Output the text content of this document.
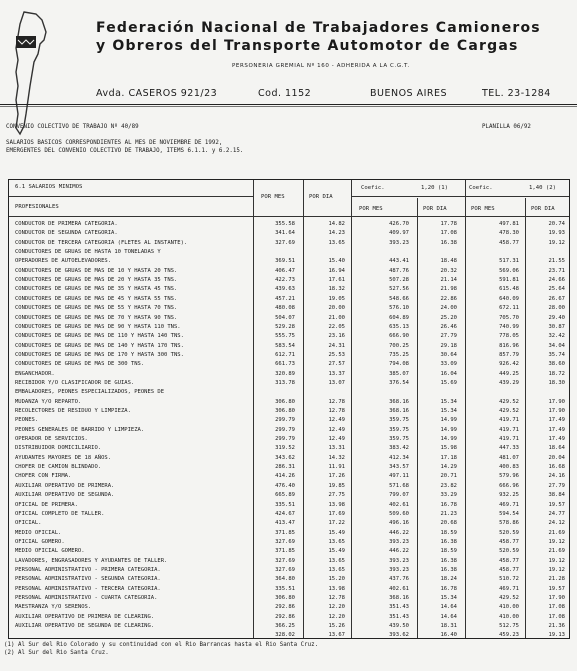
Federación Nacional de Trabajadores Camioneros
y Obreros del Transporte Automotor de Cargas
PERSONERIA GREMIAL Nº 160 - ADHERIDA A LA C.G.T.
Avda. CASEROS 921/23	Cod. 1152	BUENOS AIRES	TEL. 23-1284
CONVENIO COLECTIVO DE TRABAJO Nº 40/89	PLANILLA 06/92
SALARIOS BASICOS CORRESPONDIENTES AL MES DE NOVIEMBRE DE 1992,
EMERGENTES DEL CONVENIO COLECTIVO DE TRABAJO, ITEMS 6.1.1. y 6.2.15.
6.1 SALARIOS MINIMOS
PROFESIONALES
POR MES	POR DIA
Coefic.	1,20 (1)	Coefic.	1,40 (2)
POR MES	POR DIA	POR MES	POR DIA
CONDUCTOR DE PRIMERA CATEGORIA.	355.58	14.82	426.70	17.78	497.81	20.74
CONDUCTOR DE SEGUNDA CATEGORIA.	341.64	14.23	409.97	17.08	478.30	19.93
CONDUCTOR DE TERCERA CATEGORIA (FLETES AL INSTANTE).	327.69	13.65	393.23	16.38	458.77	19.12
CONDUCTORES DE GRUAS DE HASTA 10 TONELADAS Y
OPERADORES DE AUTOELEVADORES.	369.51	15.40	443.41	18.48	517.31	21.55
CONDUCTORES DE GRUAS DE MAS DE 10 Y HASTA 20 TNS.	406.47	16.94	487.76	20.32	569.06	23.71
CONDUCTORES DE GRUAS DE MAS DE 20 Y HASTA 35 TNS.	422.73	17.61	507.28	21.14	591.81	24.66
CONDUCTORES DE GRUAS DE MAS DE 35 Y HASTA 45 TNS.	439.63	18.32	527.56	21.98	615.48	25.64
CONDUCTORES DE GRUAS DE MAS DE 45 Y HASTA 55 TNS.	457.21	19.05	548.66	22.86	640.09	26.67
CONDUCTORES DE GRUAS DE MAS DE 55 Y HASTA 70 TNS.	480.08	20.00	576.10	24.00	672.11	28.00
CONDUCTORES DE GRUAS DE MAS DE 70 Y HASTA 90 TNS.	504.07	21.00	604.89	25.20	705.70	29.40
CONDUCTORES DE GRUAS DE MAS DE 90 Y HASTA 110 TNS.	529.28	22.05	635.13	26.46	740.99	30.87
CONDUCTORES DE GRUAS DE MAS DE 110 Y HASTA 140 TNS.	555.75	23.16	666.90	27.79	778.05	32.42
CONDUCTORES DE GRUAS DE MAS DE 140 Y HASTA 170 TNS.	583.54	24.31	700.25	29.18	816.96	34.04
CONDUCTORES DE GRUAS DE MAS DE 170 Y HASTA 300 TNS.	612.71	25.53	735.25	30.64	857.79	35.74
CONDUCTORES DE GRUAS DE MAS DE 300 TNS.	661.73	27.57	794.08	33.09	926.42	38.60
ENGANCHADOR.	320.89	13.37	385.07	16.04	449.25	18.72
RECIBIDOR Y/O CLASIFICADOR DE GUIAS.	313.78	13.07	376.54	15.69	439.29	18.30
EMBALADORES, PEONES ESPECIALIZADOS, PEONES DE
MUDANZA Y/O REPARTO.	306.80	12.78	368.16	15.34	429.52	17.90
RECOLECTORES DE RESIDUO Y LIMPIEZA.	306.80	12.78	368.16	15.34	429.52	17.90
PEONES.	299.79	12.49	359.75	14.99	419.71	17.49
PEONES GENERALES DE BARRIDO Y LIMPIEZA.	299.79	12.49	359.75	14.99	419.71	17.49
OPERADOR DE SERVICIOS.	299.79	12.49	359.75	14.99	419.71	17.49
DISTRIBUIDOR DOMICILIARIO.	319.52	13.31	383.42	15.98	447.33	18.64
AYUDANTES MAYORES DE 18 AÑOS.	343.62	14.32	412.34	17.18	481.07	20.04
CHOFER DE CAMION BLINDADO.	286.31	11.91	343.57	14.29	400.83	16.68
CHOFER CON FIRMA.	414.26	17.26	497.11	20.71	579.96	24.16
AUXILIAR OPERATIVO DE PRIMERA.	476.40	19.85	571.68	23.82	666.96	27.79
AUXILIAR OPERATIVO DE SEGUNDA.	665.89	27.75	799.07	33.29	932.25	38.84
OFICIAL DE PRIMERA.	335.51	13.98	402.61	16.78	469.71	19.57
OFICIAL COMPLETO DE TALLER.	424.67	17.69	509.60	21.23	594.54	24.77
OFICIAL.	413.47	17.22	496.16	20.68	578.86	24.12
MEDIO OFICIAL.	371.85	15.49	446.22	18.59	520.59	21.69
OFICIAL GOMERO.	327.69	13.65	393.23	16.38	458.77	19.12
MEDIO OFICIAL GOMERO.	371.85	15.49	446.22	18.59	520.59	21.69
LAVADORES, ENGRASADORES Y AYUDANTES DE TALLER.	327.69	13.65	393.23	16.38	458.77	19.12
PERSONAL ADMINISTRATIVO - PRIMERA CATEGORIA.	327.69	13.65	393.23	16.38	458.77	19.12
PERSONAL ADMINISTRATIVO - SEGUNDA CATEGORIA.	364.80	15.20	437.76	18.24	510.72	21.28
PERSONAL ADMINISTRATIVO - TERCERA CATEGORIA.	335.51	13.98	402.61	16.78	469.71	19.57
PERSONAL ADMINISTRATIVO - CUARTA CATEGORIA.	306.80	12.78	368.16	15.34	429.52	17.90
MAESTRANZA Y/O SERENOS.	292.86	12.20	351.43	14.64	410.00	17.08
AUXILIAR OPERATIVO DE PRIMERA DE CLEARING.	292.86	12.20	351.43	14.64	410.00	17.08
AUXILIAR OPERATIVO DE SEGUNDA DE CLEARING.	366.25	15.26	439.50	18.31	512.75	21.36
328.02	13.67	393.62	16.40	459.23	19.13
(1) Al Sur del Rio Colorado y su continuidad con el Rio Barrancas hasta el Rio Santa Cruz.
(2) Al Sur del Rio Santa Cruz.
